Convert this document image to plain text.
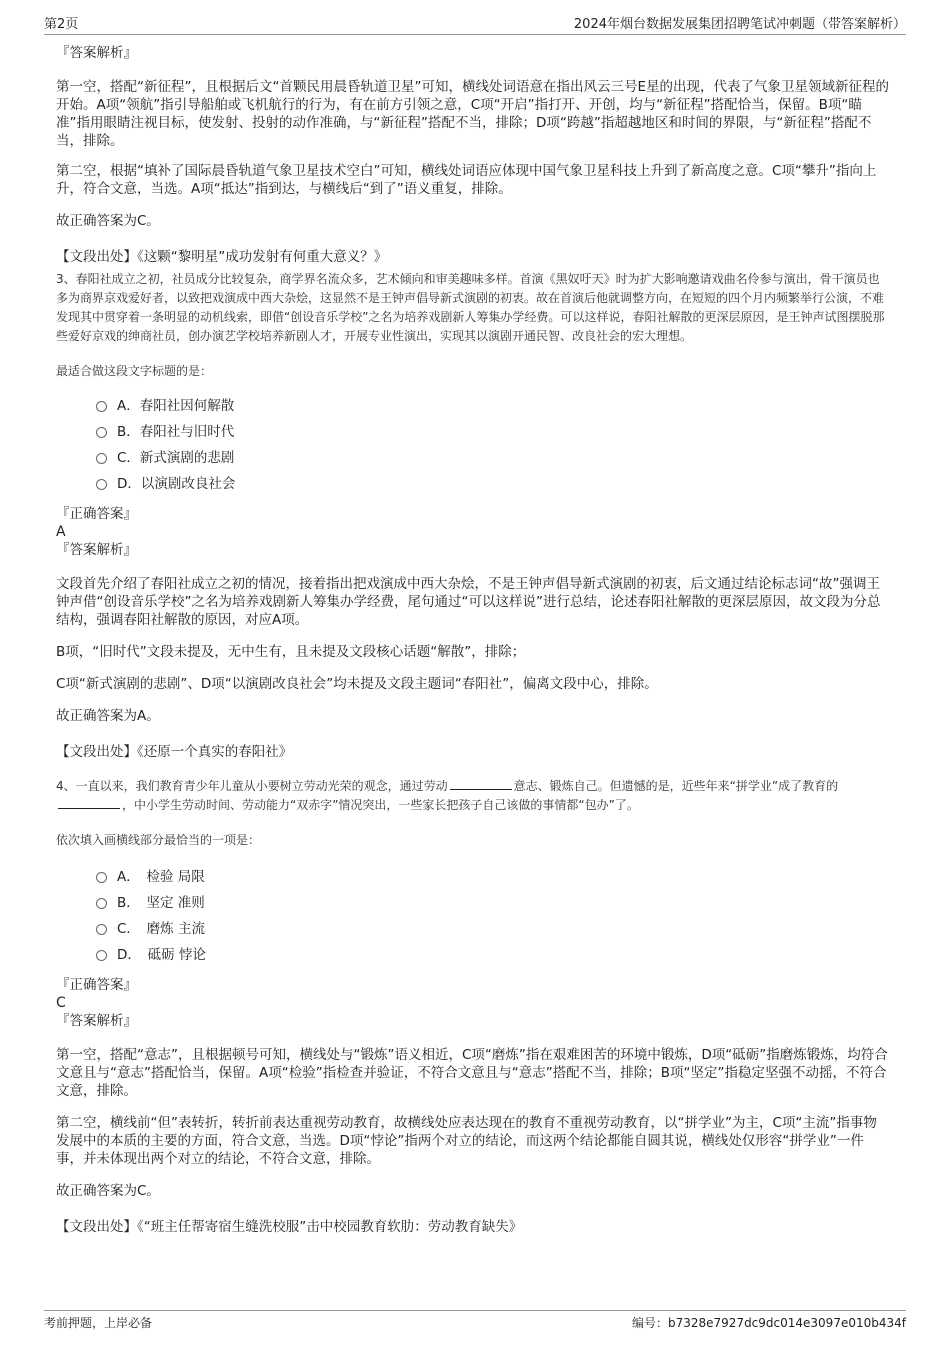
第2页	2024年烟台数据发展集团招聘笔试冲刺题（带答案解析）

『答案解析』

第一空，搭配“新征程”，且根据后文“首颗民用晨昏轨道卫星”可知，横线处词语意在指出风云三号E星的出现，代表了气象卫星领域新征程的开始。A项“领航”指引导船舶或飞机航行的行为，有在前方引领之意，C项“开启”指打开、开创，均与“新征程”搭配恰当，保留。B项“瞄准”指用眼睛注视目标，使发射、投射的动作准确，与“新征程”搭配不当，排除；D项“跨越”指超越地区和时间的界限，与“新征程”搭配不当，排除。

第二空，根据“填补了国际晨昏轨道气象卫星技术空白”可知，横线处词语应体现中国气象卫星科技上升到了新高度之意。C项“攀升”指向上升，符合文意，当选。A项“抵达”指到达，与横线后“到了”语义重复，排除。

故正确答案为C。

【文段出处】《这颗“黎明星”成功发射有何重大意义？》

3、春阳社成立之初，社员成分比较复杂，商学界名流众多，艺术倾向和审美趣味多样。首演《黑奴吁天》时为扩大影响邀请戏曲名伶参与演出，骨干演员也多为商界京戏爱好者，以致把戏演成中西大杂烩，这显然不是王钟声倡导新式演剧的初衷。故在首演后他就调整方向，在短短的四个月内频繁举行公演，不难发现其中贯穿着一条明显的动机线索，即借“创设音乐学校”之名为培养戏剧新人筹集办学经费。可以这样说，春阳社解散的更深层原因，是王钟声试图摆脱那些爱好京戏的绅商社员，创办演艺学校培养新剧人才，开展专业性演出，实现其以演剧开通民智、改良社会的宏大理想。

最适合做这段文字标题的是：

A．春阳社因何解散

B．春阳社与旧时代

C．新式演剧的悲剧

D．以演剧改良社会

『正确答案』

A

『答案解析』

文段首先介绍了春阳社成立之初的情况，接着指出把戏演成中西大杂烩，不是王钟声倡导新式演剧的初衷，后文通过结论标志词“故”强调王钟声借“创设音乐学校”之名为培养戏剧新人筹集办学经费，尾句通过“可以这样说”进行总结，论述春阳社解散的更深层原因，故文段为分总结构，强调春阳社解散的原因，对应A项。

B项，“旧时代”文段未提及，无中生有，且未提及文段核心话题“解散”，排除；

C项“新式演剧的悲剧”、D项“以演剧改良社会”均未提及文段主题词“春阳社”，偏离文段中心，排除。

故正确答案为A。

【文段出处】《还原一个真实的春阳社》

4、一直以来，我们教育青少年儿童从小要树立劳动光荣的观念，通过劳动	意志、锻炼自己。但遗憾的是，近些年来“拼学业”成了教育的，中小学生劳动时间、劳动能力“双赤字”情况突出，一些家长把孩子自己该做的事情都“包办”了。

依次填入画横线部分最恰当的一项是：

A．　检验 局限

B．　坚定 准则

C．　磨炼 主流

D．　砥砺 悖论

『正确答案』

C

『答案解析』

第一空，搭配“意志”，且根据顿号可知，横线处与“锻炼”语义相近，C项“磨炼”指在艰难困苦的环境中锻炼，D项“砥砺”指磨炼锻炼，均符合文意且与“意志”搭配恰当，保留。A项“检验”指检查并验证，不符合文意且与“意志”搭配不当，排除；B项“坚定”指稳定坚强不动摇，不符合文意，排除。

第二空，横线前“但”表转折，转折前表达重视劳动教育，故横线处应表达现在的教育不重视劳动教育，以“拼学业”为主，C项“主流”指事物发展中的本质的主要的方面，符合文意，当选。D项“悖论”指两个对立的结论，而这两个结论都能自圆其说，横线处仅形容“拼学业”一件事，并未体现出两个对立的结论，不符合文意，排除。

故正确答案为C。

【文段出处】《“班主任帮寄宿生缝洗校服”击中校园教育软肋：劳动教育缺失》

考前押题，上岸必备	编号：b7328e7927dc9dc014e3097e010b434f
